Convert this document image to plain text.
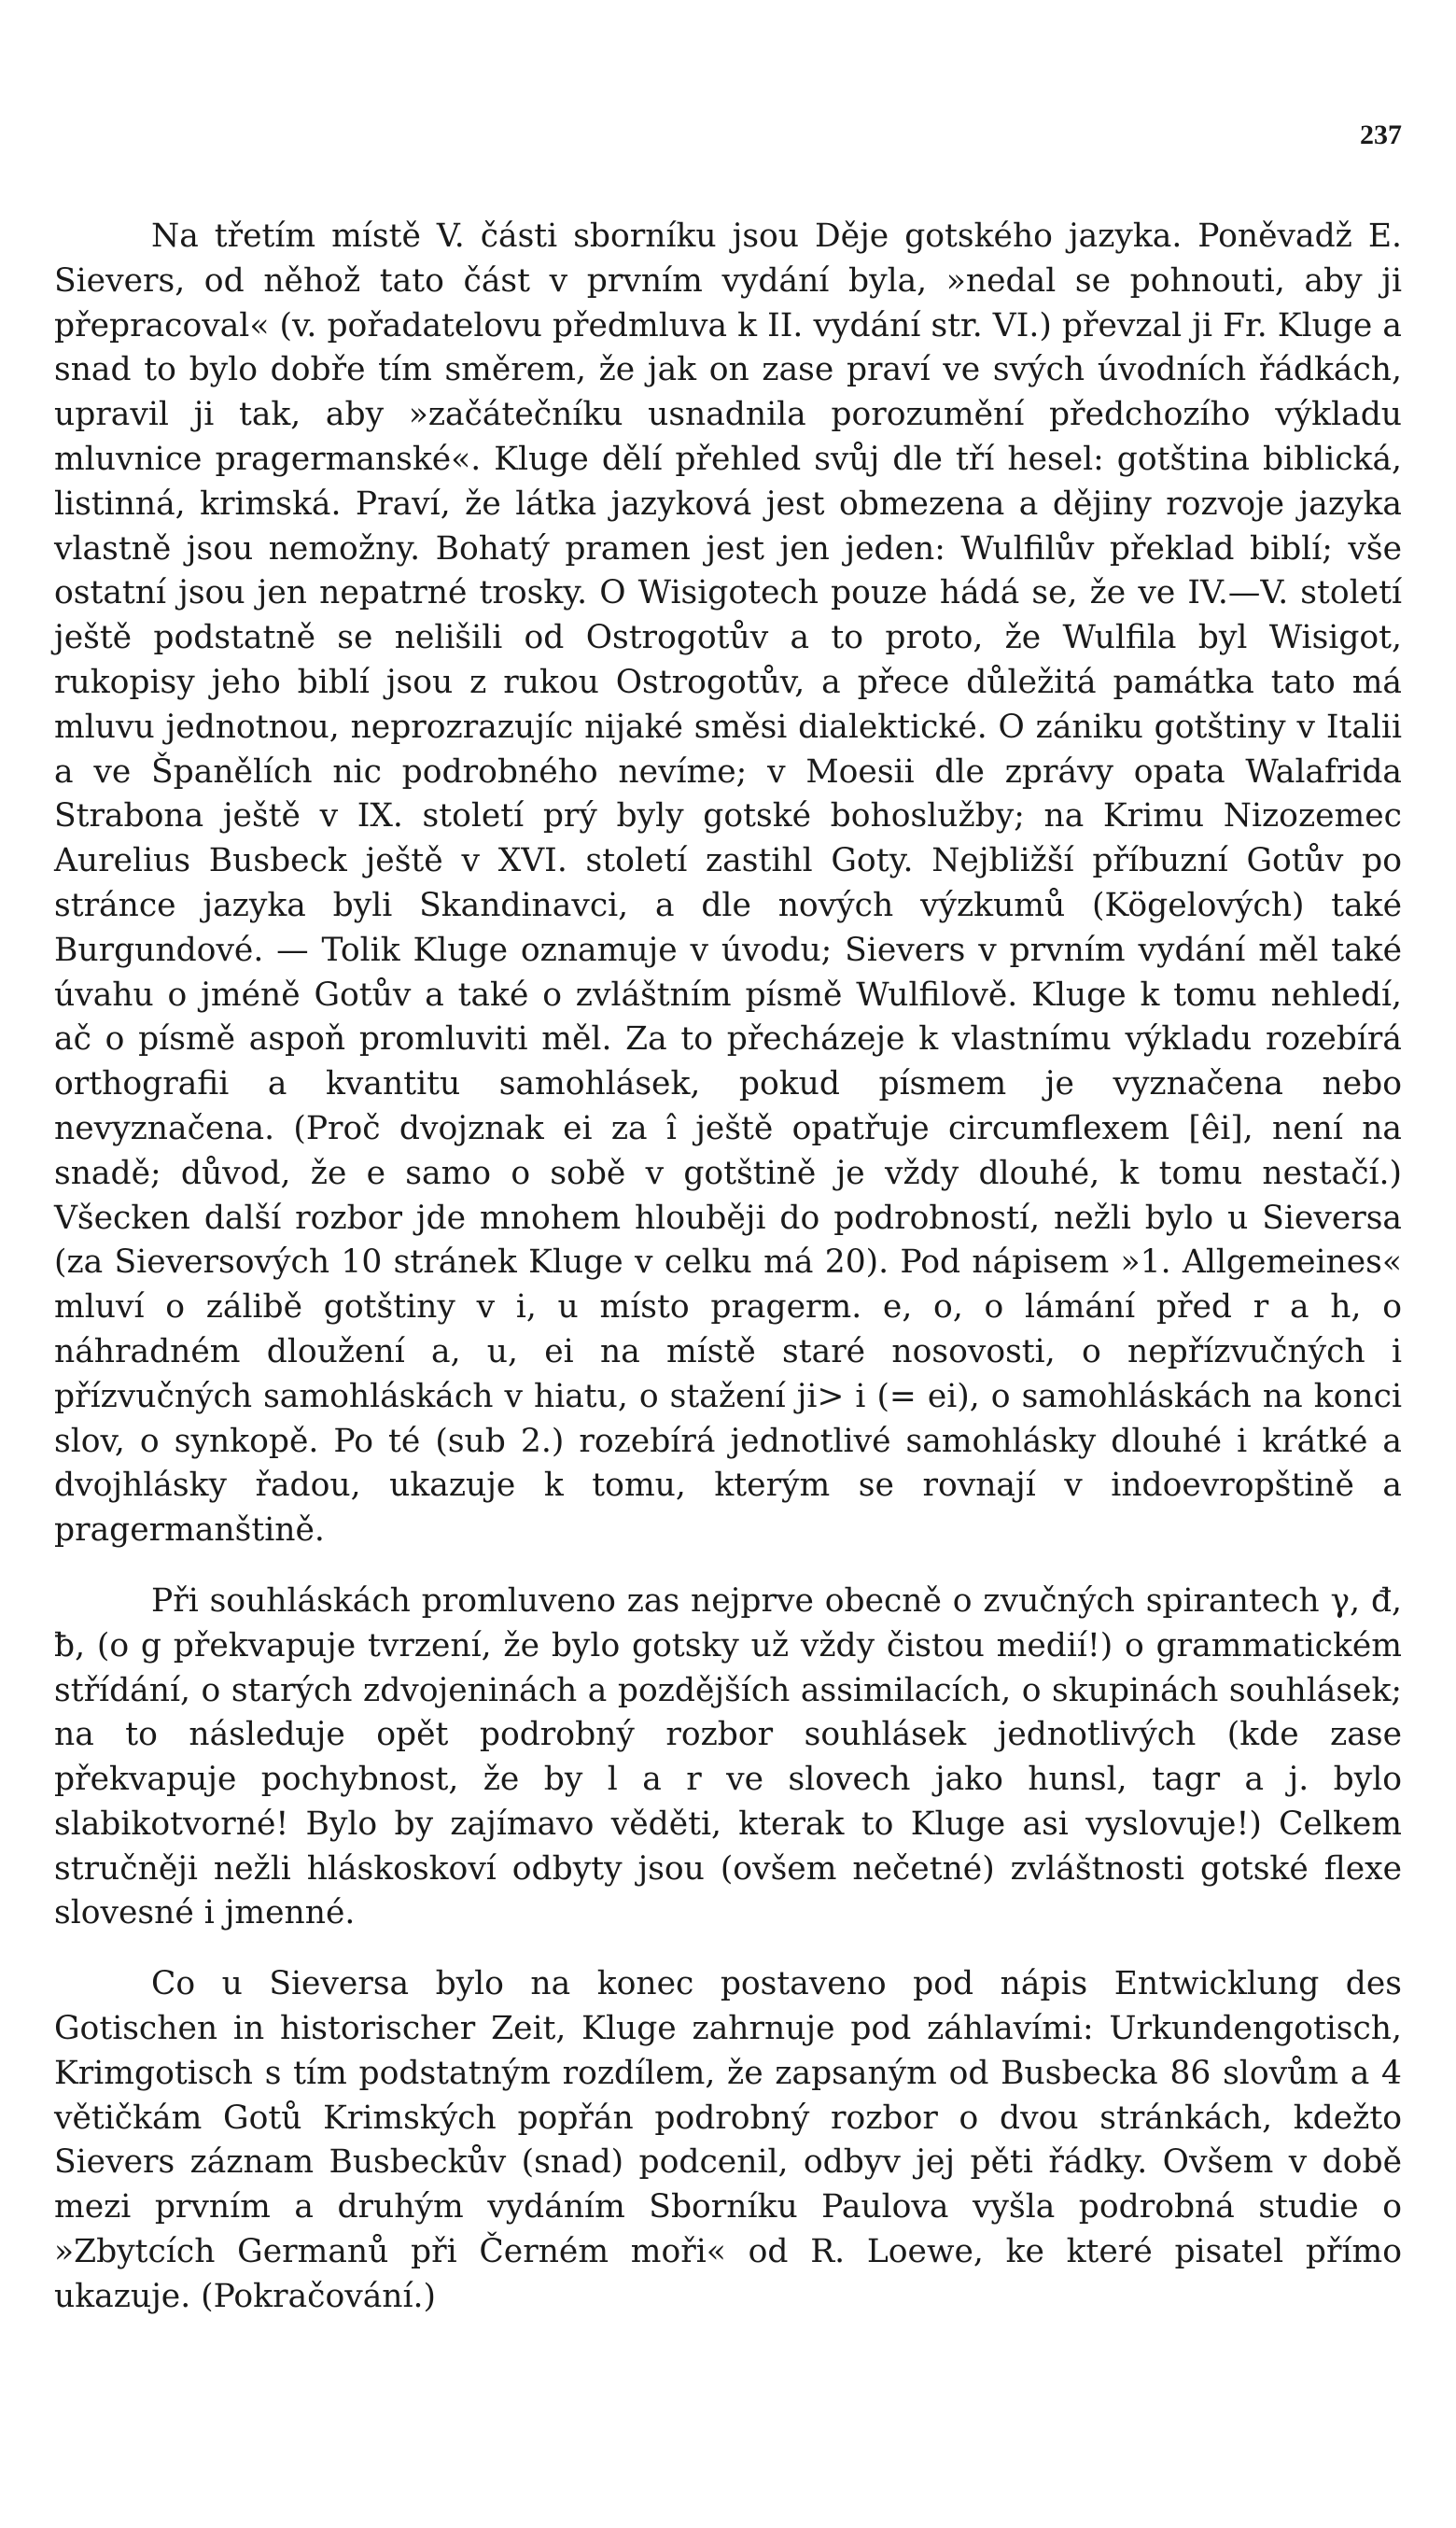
237

Na třetím místě V. části sborníku jsou Děje gotského jazyka. Poněvadž E. Sievers, od něhož tato část v prvním vydání byla, »nedal se pohnouti, aby ji přepracoval« (v. pořadatelovu předmluva k II. vydání str. VI.) převzal ji Fr. Kluge a snad to bylo dobře tím směrem, že jak on zase praví ve svých úvodních řádkách, upravil ji tak, aby »začátečníku usnadnila porozumění předchozího výkladu mluvnice pragermanské«. Kluge dělí přehled svůj dle tří hesel: gotština biblická, listinná, krimská. Praví, že látka jazyková jest obmezena a dějiny rozvoje jazyka vlastně jsou nemožny. Bohatý pramen jest jen jeden: Wulfilův překlad biblí; vše ostatní jsou jen nepatrné trosky. O Wisigotech pouze hádá se, že ve IV.—V. století ještě podstatně se nelišili od Ostrogotův a to proto, že Wulfila byl Wisigot, rukopisy jeho biblí jsou z rukou Ostrogotův, a přece důležitá památka tato má mluvu jednotnou, neprozrazujíc nijaké směsi dialektické. O zániku gotštiny v Italii a ve Španělích nic podrobného nevíme; v Moesii dle zprávy opata Walafrida Strabona ještě v IX. století prý byly gotské bohoslužby; na Krimu Nizozemec Aurelius Busbeck ještě v XVI. století zastihl Goty. Nejbližší příbuzní Gotův po stránce jazyka byli Skandinavci, a dle nových výzkumů (Kögelových) také Burgundové. — Tolik Kluge oznamuje v úvodu; Sievers v prvním vydání měl také úvahu o jméně Gotův a také o zvláštním písmě Wulfilově. Kluge k tomu nehledí, ač o písmě aspoň promluviti měl. Za to přecházeje k vlastnímu výkladu rozebírá orthografii a kvantitu samohlásek, pokud písmem je vyznačena nebo nevyznačena. (Proč dvojznak ei za î ještě opatřuje circumflexem [êi], není na snadě; důvod, že e samo o sobě v gotštině je vždy dlouhé, k tomu nestačí.) Všecken další rozbor jde mnohem hlouběji do podrobností, nežli bylo u Sieversa (za Sieversových 10 stránek Kluge v celku má 20). Pod nápisem »1. Allgemeines« mluví o zálibě gotštiny v i, u místo pragerm. e, o, o lámání před r a h, o náhradném dloužení a, u, ei na místě staré nosovosti, o nepřízvučných i přízvučných samohláskách v hiatu, o stažení ji> i (= ei), o samohláskách na konci slov, o synkopě. Po té (sub 2.) rozebírá jednotlivé samohlásky dlouhé i krátké a dvojhlásky řadou, ukazuje k tomu, kterým se rovnají v indoevropštině a pragermanštině.

Při souhláskách promluveno zas nejprve obecně o zvučných spirantech γ, đ, ƀ, (o g překvapuje tvrzení, že bylo gotsky už vždy čistou medií!) o grammatickém střídání, o starých zdvojeninách a pozdějších assimilacích, o skupinách souhlásek; na to následuje opět podrobný rozbor souhlásek jednotlivých (kde zase překvapuje pochybnost, že by l a r ve slovech jako hunsl, tagr a j. bylo slabikotvorné! Bylo by zajímavo věděti, kterak to Kluge asi vyslovuje!) Celkem stručněji nežli hláskoskoví odbyty jsou (ovšem nečetné) zvláštnosti gotské flexe slovesné i jmenné.

Co u Sieversa bylo na konec postaveno pod nápis Entwicklung des Gotischen in historischer Zeit, Kluge zahrnuje pod záhlavími: Urkundengotisch, Krimgotisch s tím podstatným rozdílem, že zapsaným od Busbecka 86 slovům a 4 větičkám Gotů Krimských popřán podrobný rozbor o dvou stránkách, kdežto Sievers záznam Busbeckův (snad) podcenil, odbyv jej pěti řádky. Ovšem v době mezi prvním a druhým vydáním Sborníku Paulova vyšla podrobná studie o »Zbytcích Germanů při Černém moři« od R. Loewe, ke které pisatel přímo ukazuje. (Pokračování.)
